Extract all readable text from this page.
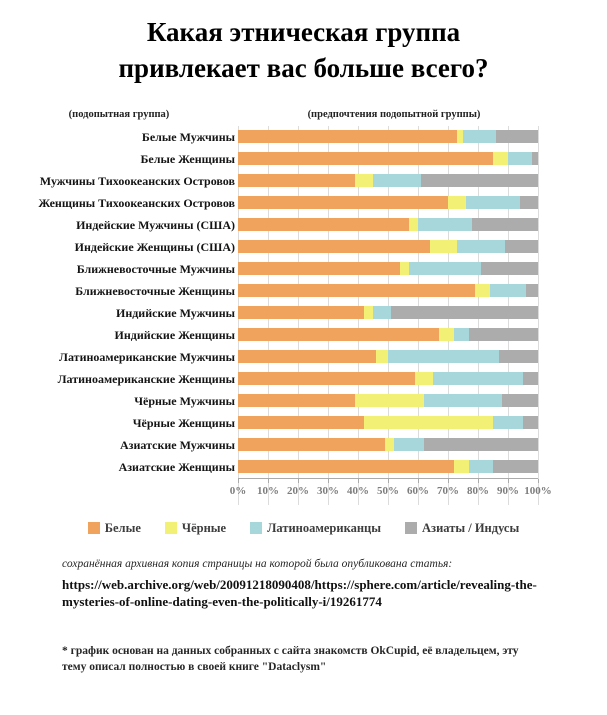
Какая этническая группа
привлекает вас больше всего?
(подопытная группа)	(предпочтения подопытной группы)
Белые Мужчины
Белые Женщины
Мужчины Тихоокеанских Островов
Женщины Тихоокеанских Островов
Индейские Мужчины (США)
Индейские Женщины (США)
Ближневосточные Мужчины
Ближневосточные Женщины
Индийские Мужчины
Индийские Женщины
Латиноамериканские Мужчины
Латиноамериканские Женщины
Чёрные Мужчины
Чёрные Женщины
Азиатские Мужчины
Азиатские Женщины
0% 10% 20% 30% 40% 50% 60% 70% 80% 90% 100%
Белые	Чёрные	Латиноамериканцы	Азиаты / Индусы
сохранённая архивная копия страницы на которой была опубликована статья:
https://web.archive.org/web/20091218090408/https://sphere.com/article/revealing-the-mysteries-of-online-dating-even-the-politically-i/19261774
* график основан на данных собранных с сайта знакомств OkCupid, её владельцем, эту тему описал полностью в своей книге "Dataclysm"
